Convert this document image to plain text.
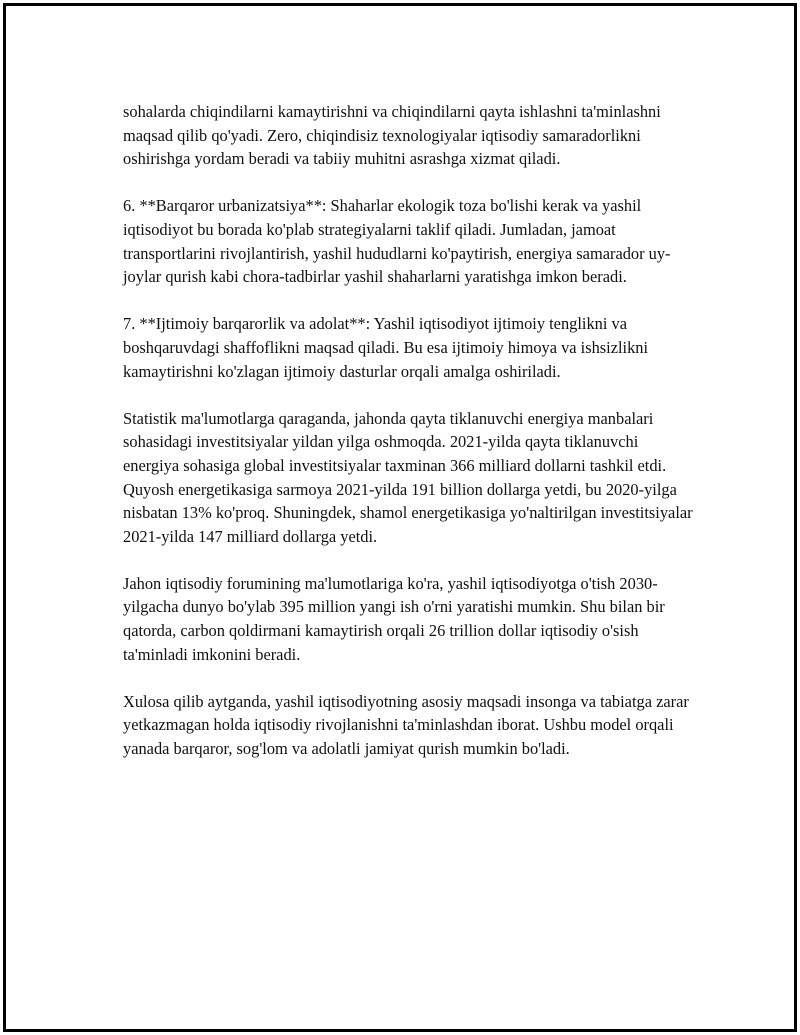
sohalarda chiqindilarni kamaytirishni va chiqindilarni qayta ishlashni ta'minlashni maqsad qilib qo'yadi. Zero, chiqindisiz texnologiyalar iqtisodiy samaradorlikni oshirishga yordam beradi va tabiiy muhitni asrashga xizmat qiladi.

6. **Barqaror urbanizatsiya**: Shaharlar ekologik toza bo'lishi kerak va yashil iqtisodiyot bu borada ko'plab strategiyalarni taklif qiladi. Jumladan, jamoat transportlarini rivojlantirish, yashil hududlarni ko'paytirish, energiya samarador uy-joylar qurish kabi chora-tadbirlar yashil shaharlarni yaratishga imkon beradi.

7. **Ijtimoiy barqarorlik va adolat**: Yashil iqtisodiyot ijtimoiy tenglikni va boshqaruvdagi shaffoflikni maqsad qiladi. Bu esa ijtimoiy himoya va ishsizlikni kamaytirishni ko'zlagan ijtimoiy dasturlar orqali amalga oshiriladi.

Statistik ma'lumotlarga qaraganda, jahonda qayta tiklanuvchi energiya manbalari sohasidagi investitsiyalar yildan yilga oshmoqda. 2021-yilda qayta tiklanuvchi energiya sohasiga global investitsiyalar taxminan 366 milliard dollarni tashkil etdi. Quyosh energetikasiga sarmoya 2021-yilda 191 billion dollarga yetdi, bu 2020-yilga nisbatan 13% ko'proq. Shuningdek, shamol energetikasiga yo'naltirilgan investitsiyalar 2021-yilda 147 milliard dollarga yetdi.

Jahon iqtisodiy forumining ma'lumotlariga ko'ra, yashil iqtisodiyotga o'tish 2030-yilgacha dunyo bo'ylab 395 million yangi ish o'rni yaratishi mumkin. Shu bilan bir qatorda, carbon qoldirmani kamaytirish orqali 26 trillion dollar iqtisodiy o'sish ta'minladi imkonini beradi.

Xulosa qilib aytganda, yashil iqtisodiyotning asosiy maqsadi insonga va tabiatga zarar yetkazmagan holda iqtisodiy rivojlanishni ta'minlashdan iborat. Ushbu model orqali yanada barqaror, sog'lom va adolatli jamiyat qurish mumkin bo'ladi.
